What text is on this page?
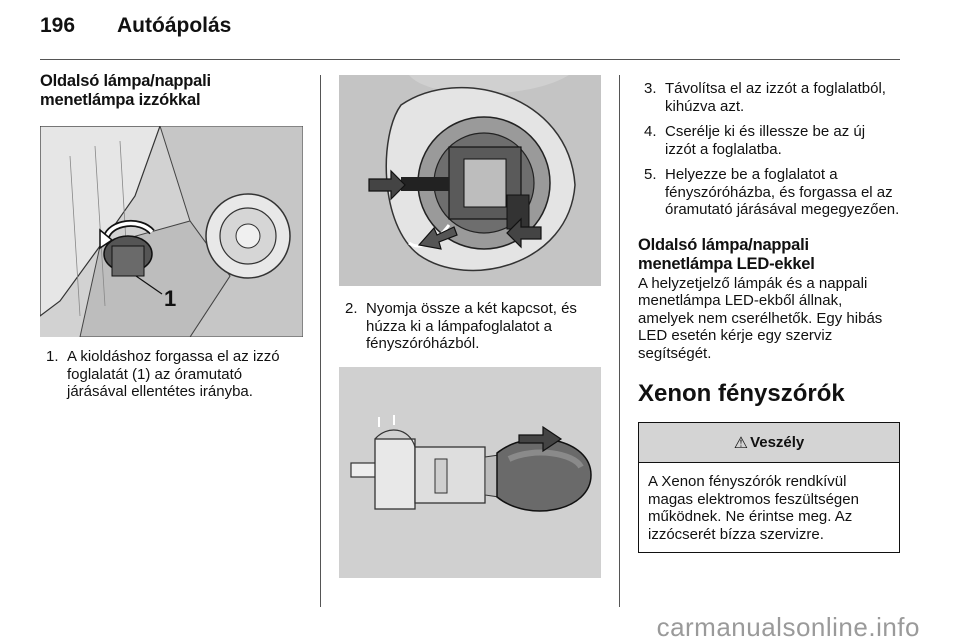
196 Autóápolás
Oldalsó lámpa/nappali menetlámpa izzókkal
1
1. A kioldáshoz forgassa el az izzó foglalatát (1) az óramutató járásával ellentétes irányba.
2. Nyomja össze a két kapcsot, és húzza ki a lámpafoglalatot a fényszóróházból.
3. Távolítsa el az izzót a foglalatból, kihúzva azt.
4. Cserélje ki és illessze be az új izzót a foglalatba.
5. Helyezze be a foglalatot a fényszóróházba, és forgassa el az óramutató járásával megegyezően.
Oldalsó lámpa/nappali menetlámpa LED-ekkel

A helyzetjelző lámpák és a nappali menetlámpa LED-ekből állnak, amelyek nem cserélhetők. Egy hibás LED esetén kérje egy szerviz segítségét.

Xenon fényszórók
⚠ Veszély
A Xenon fényszórók rendkívül magas elektromos feszültségen működnek. Ne érintse meg. Az izzócserét bízza szervizre.
carmanualsonline.info
